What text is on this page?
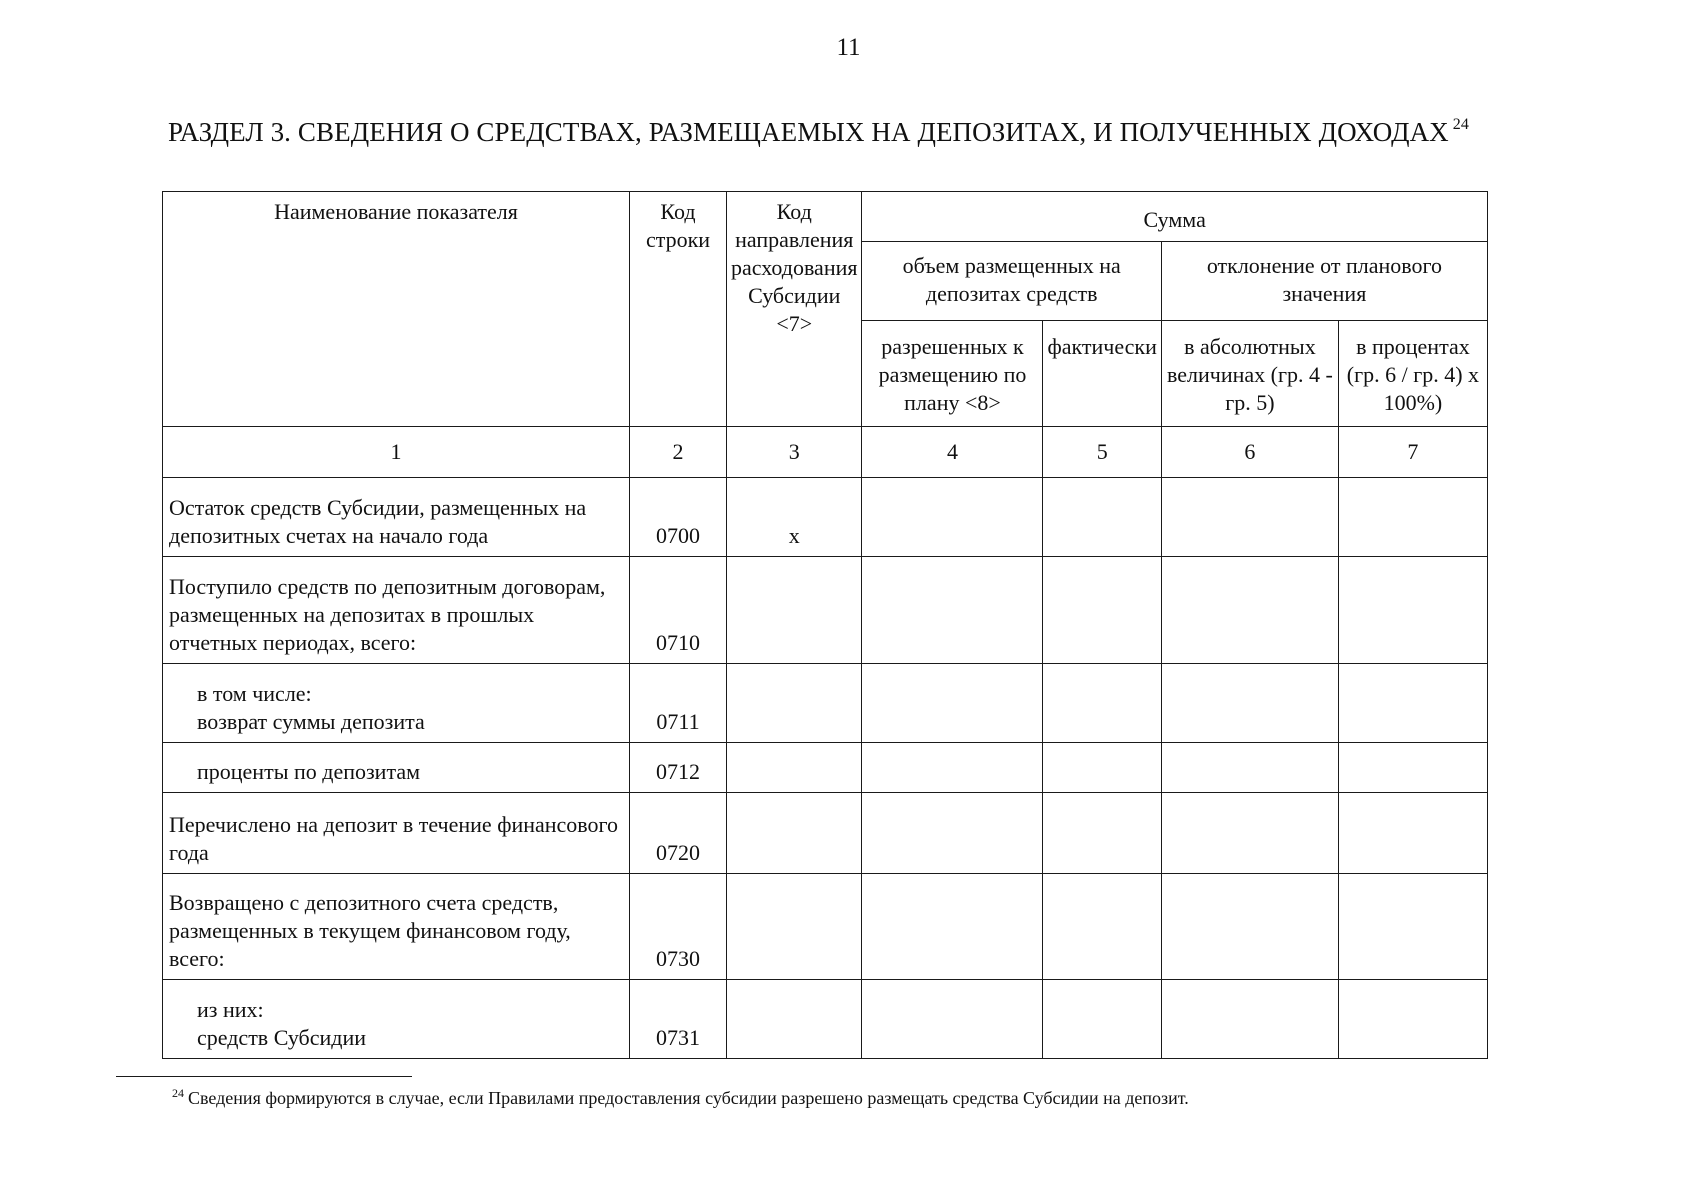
11
РАЗДЕЛ 3. СВЕДЕНИЯ О СРЕДСТВАХ, РАЗМЕЩАЕМЫХ НА ДЕПОЗИТАХ, И ПОЛУЧЕННЫХ ДОХОДАХ $^{24}$
Наименование показателя	Код строки	Код направления расходования Субсидии <7>	Сумма			
			объем размещенных на депозитах средств		отклонение от планового значения	
			разрешенных к размещению по плану <8>	фактически	в абсолютных величинах (гр. 4 - гр. 5)	в процентах (гр. 6 / гр. 4) х 100%)
1	2	3	4	5	6	7
Остаток средств Субсидии, размещенных на депозитных счетах на начало года	0700	х				
Поступило средств по депозитным договорам, размещенных на депозитах в прошлых отчетных периодах, всего:	0710					

в том числе:
возврат суммы депозита	0711					
проценты по депозитам	0712					
Перечислено на депозит в течение финансового года	0720					
Возвращено с депозитного счета средств, размещенных в текущем финансовом году, всего:	0730					

из них:
средств Субсидии	0731					
$^{24}$ Сведения формируются в случае, если Правилами предоставления субсидии разрешено размещать средства Субсидии на депозит.
